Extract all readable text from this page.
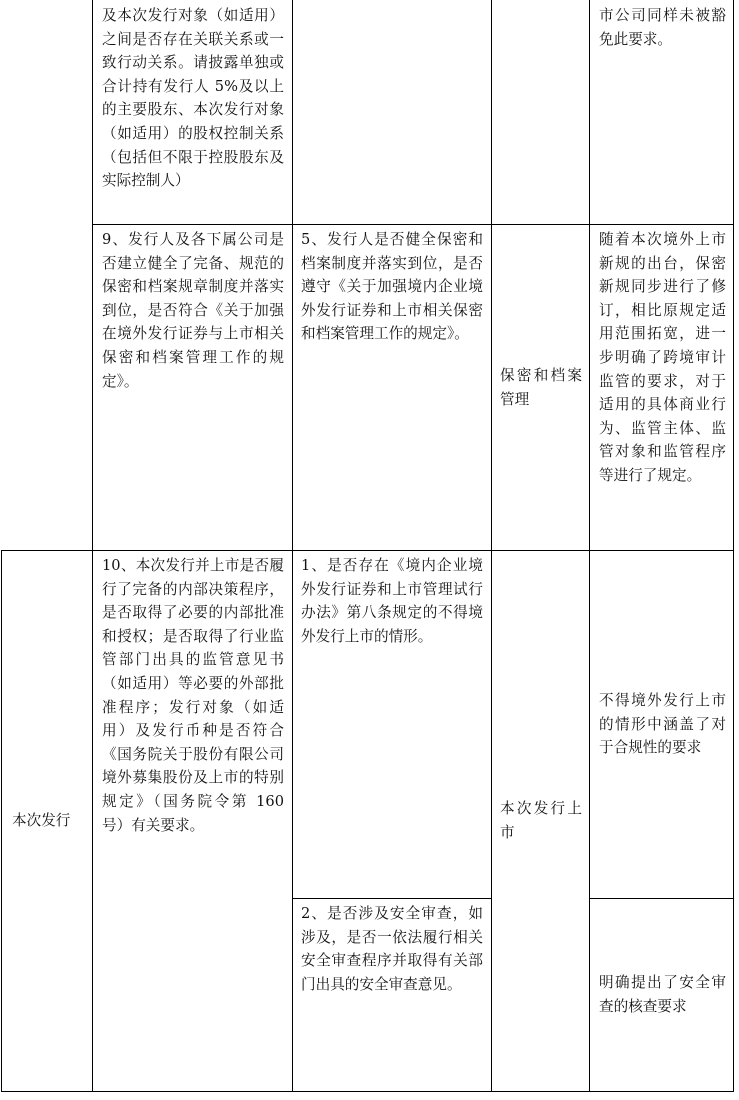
及本次发行对象（如适用）之间是否存在关联关系或一致行动关系。请披露单独或合计持有发行人 5%及以上的主要股东、本次发行对象（如适用）的股权控制关系（包括但不限于控股股东及实际控制人）
市公司同样未被豁免此要求。
9、发行人及各下属公司是否建立健全了完备、规范的保密和档案规章制度并落实到位，是否符合《关于加强在境外发行证券与上市相关保密和档案管理工作的规定》。
5、发行人是否健全保密和档案制度并落实到位，是否遵守《关于加强境内企业境外发行证券和上市相关保密和档案管理工作的规定》。
保密和档案管理
随着本次境外上市新规的出台，保密新规同步进行了修订，相比原规定适用范围拓宽，进一步明确了跨境审计监管的要求，对于适用的具体商业行为、监管主体、监管对象和监管程序等进行了规定。
本次发行
10、本次发行并上市是否履行了完备的内部决策程序，是否取得了必要的内部批准和授权；是否取得了行业监管部门出具的监管意见书（如适用）等必要的外部批准程序；发行对象（如适用）及发行币种是否符合《国务院关于股份有限公司境外募集股份及上市的特别规定》（国务院令第 160 号）有关要求。
1、是否存在《境内企业境外发行证券和上市管理试行办法》第八条规定的不得境外发行上市的情形。
2、是否涉及安全审查，如涉及，是否一依法履行相关安全审查程序并取得有关部门出具的安全审查意见。
本次发行上市
不得境外发行上市的情形中涵盖了对于合规性的要求
明确提出了安全审查的核查要求
